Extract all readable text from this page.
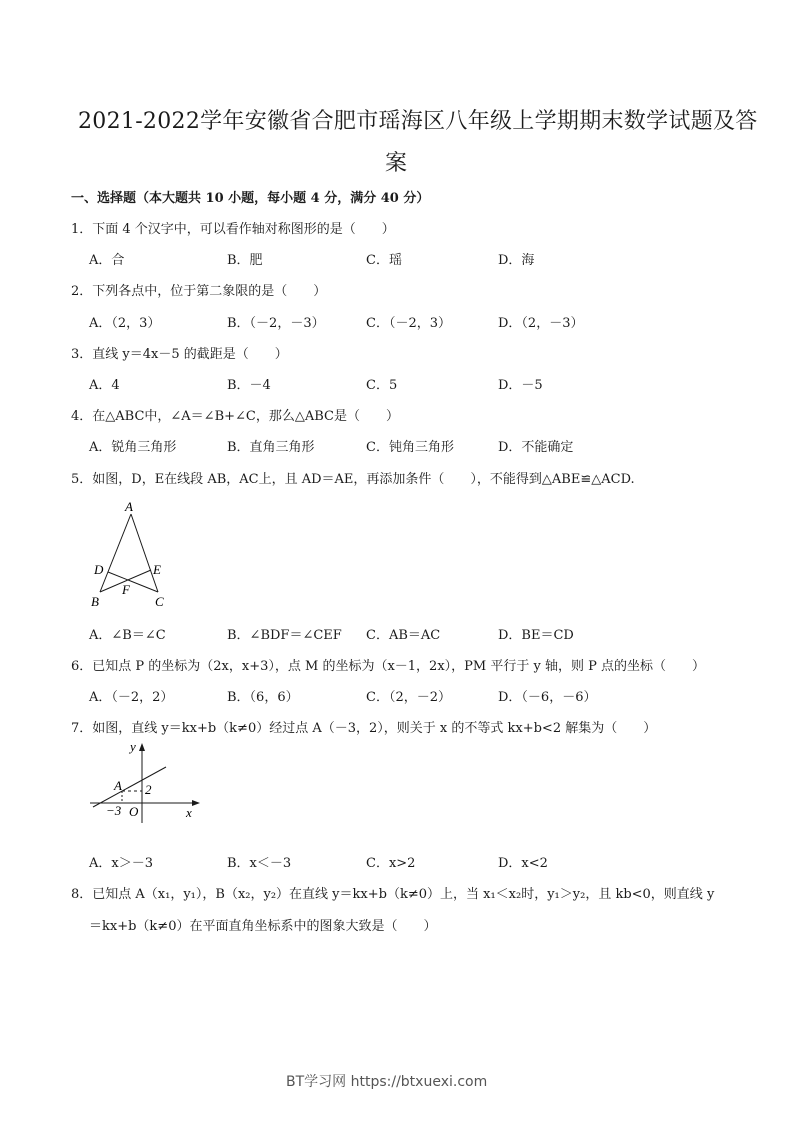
2021-2022学年安徽省合肥市瑶海区八年级上学期期末数学试题及答
案
一、选择题（本大题共 10 小题，每小题 4 分，满分 40 分）
1．下面 4 个汉字中，可以看作轴对称图形的是（　　）
A．合	B．肥	C．瑶	D．海
2．下列各点中，位于第二象限的是（　　）
A．（2，3）	B．（－2，－3）	C．（－2，3）	D．（2，－3）
3．直线 y＝4x－5 的截距是（　　）
A．4	B．－4	C．5	D．－5
4．在△ABC中，∠A＝∠B+∠C，那么△ABC是（　　）
A．锐角三角形	B．直角三角形	C．钝角三角形	D．不能确定
5．如图，D，E在线段 AB，AC上，且 AD＝AE，再添加条件（　　），不能得到△ABE≌△ACD.
A
D	E
F
B	C
A．∠B＝∠C	B．∠BDF＝∠CEF C．AB＝AC	D．BE＝CD
6．已知点 P 的坐标为（2x，x+3），点 M 的坐标为（x－1，2x），PM 平行于 y 轴，则 P 点的坐标（　　）
A．（－2，2）	B．（6，6）	C．（2，－2）	D．（－6，－6）
7．如图，直线 y＝kx+b（k≠0）经过点 A（－3，2），则关于 x 的不等式 kx+b<2 解集为（　　）
y
x
A 2
−3 O
A．x＞－3	B．x＜－3	C．x>2	D．x<2
8．已知点 A（x₁，y₁），B（x₂，y₂）在直线 y＝kx+b（k≠0）上，当 x₁＜x₂时，y₁＞y₂，且 kb<0，则直线 y
＝kx+b（k≠0）在平面直角坐标系中的图象大致是（　　）
BT学习网 https://btxuexi.com
